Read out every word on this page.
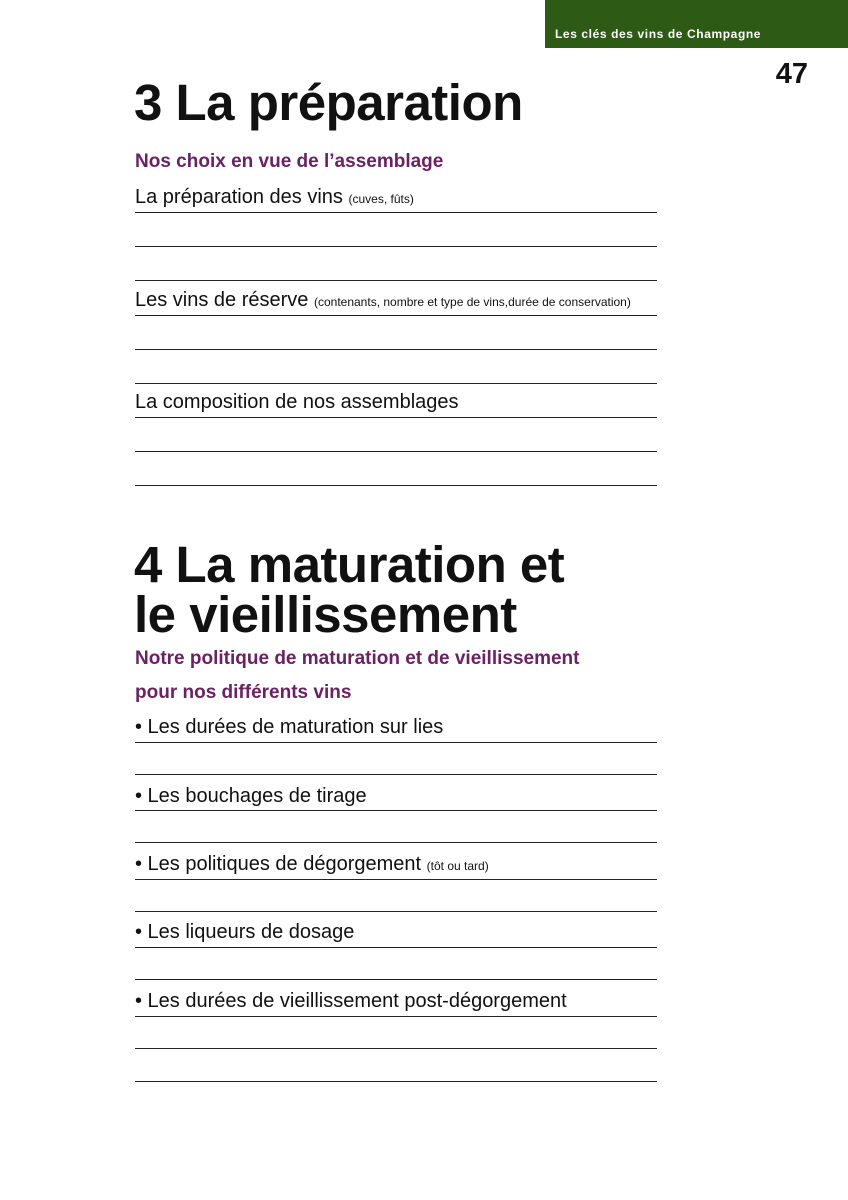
Les clés des vins de Champagne
47
3 La préparation
Nos choix en vue de l’assemblage
La préparation des vins (cuves, fûts)
Les vins de réserve (contenants, nombre et type de vins,durée de conservation)
La composition de nos assemblages
4 La maturation et
le vieillissement
Notre politique de maturation et de vieillissement
pour nos différents vins
• Les durées de maturation sur lies
• Les bouchages de tirage
• Les politiques de dégorgement (tôt ou tard)
• Les liqueurs de dosage
• Les durées de vieillissement post-dégorgement
